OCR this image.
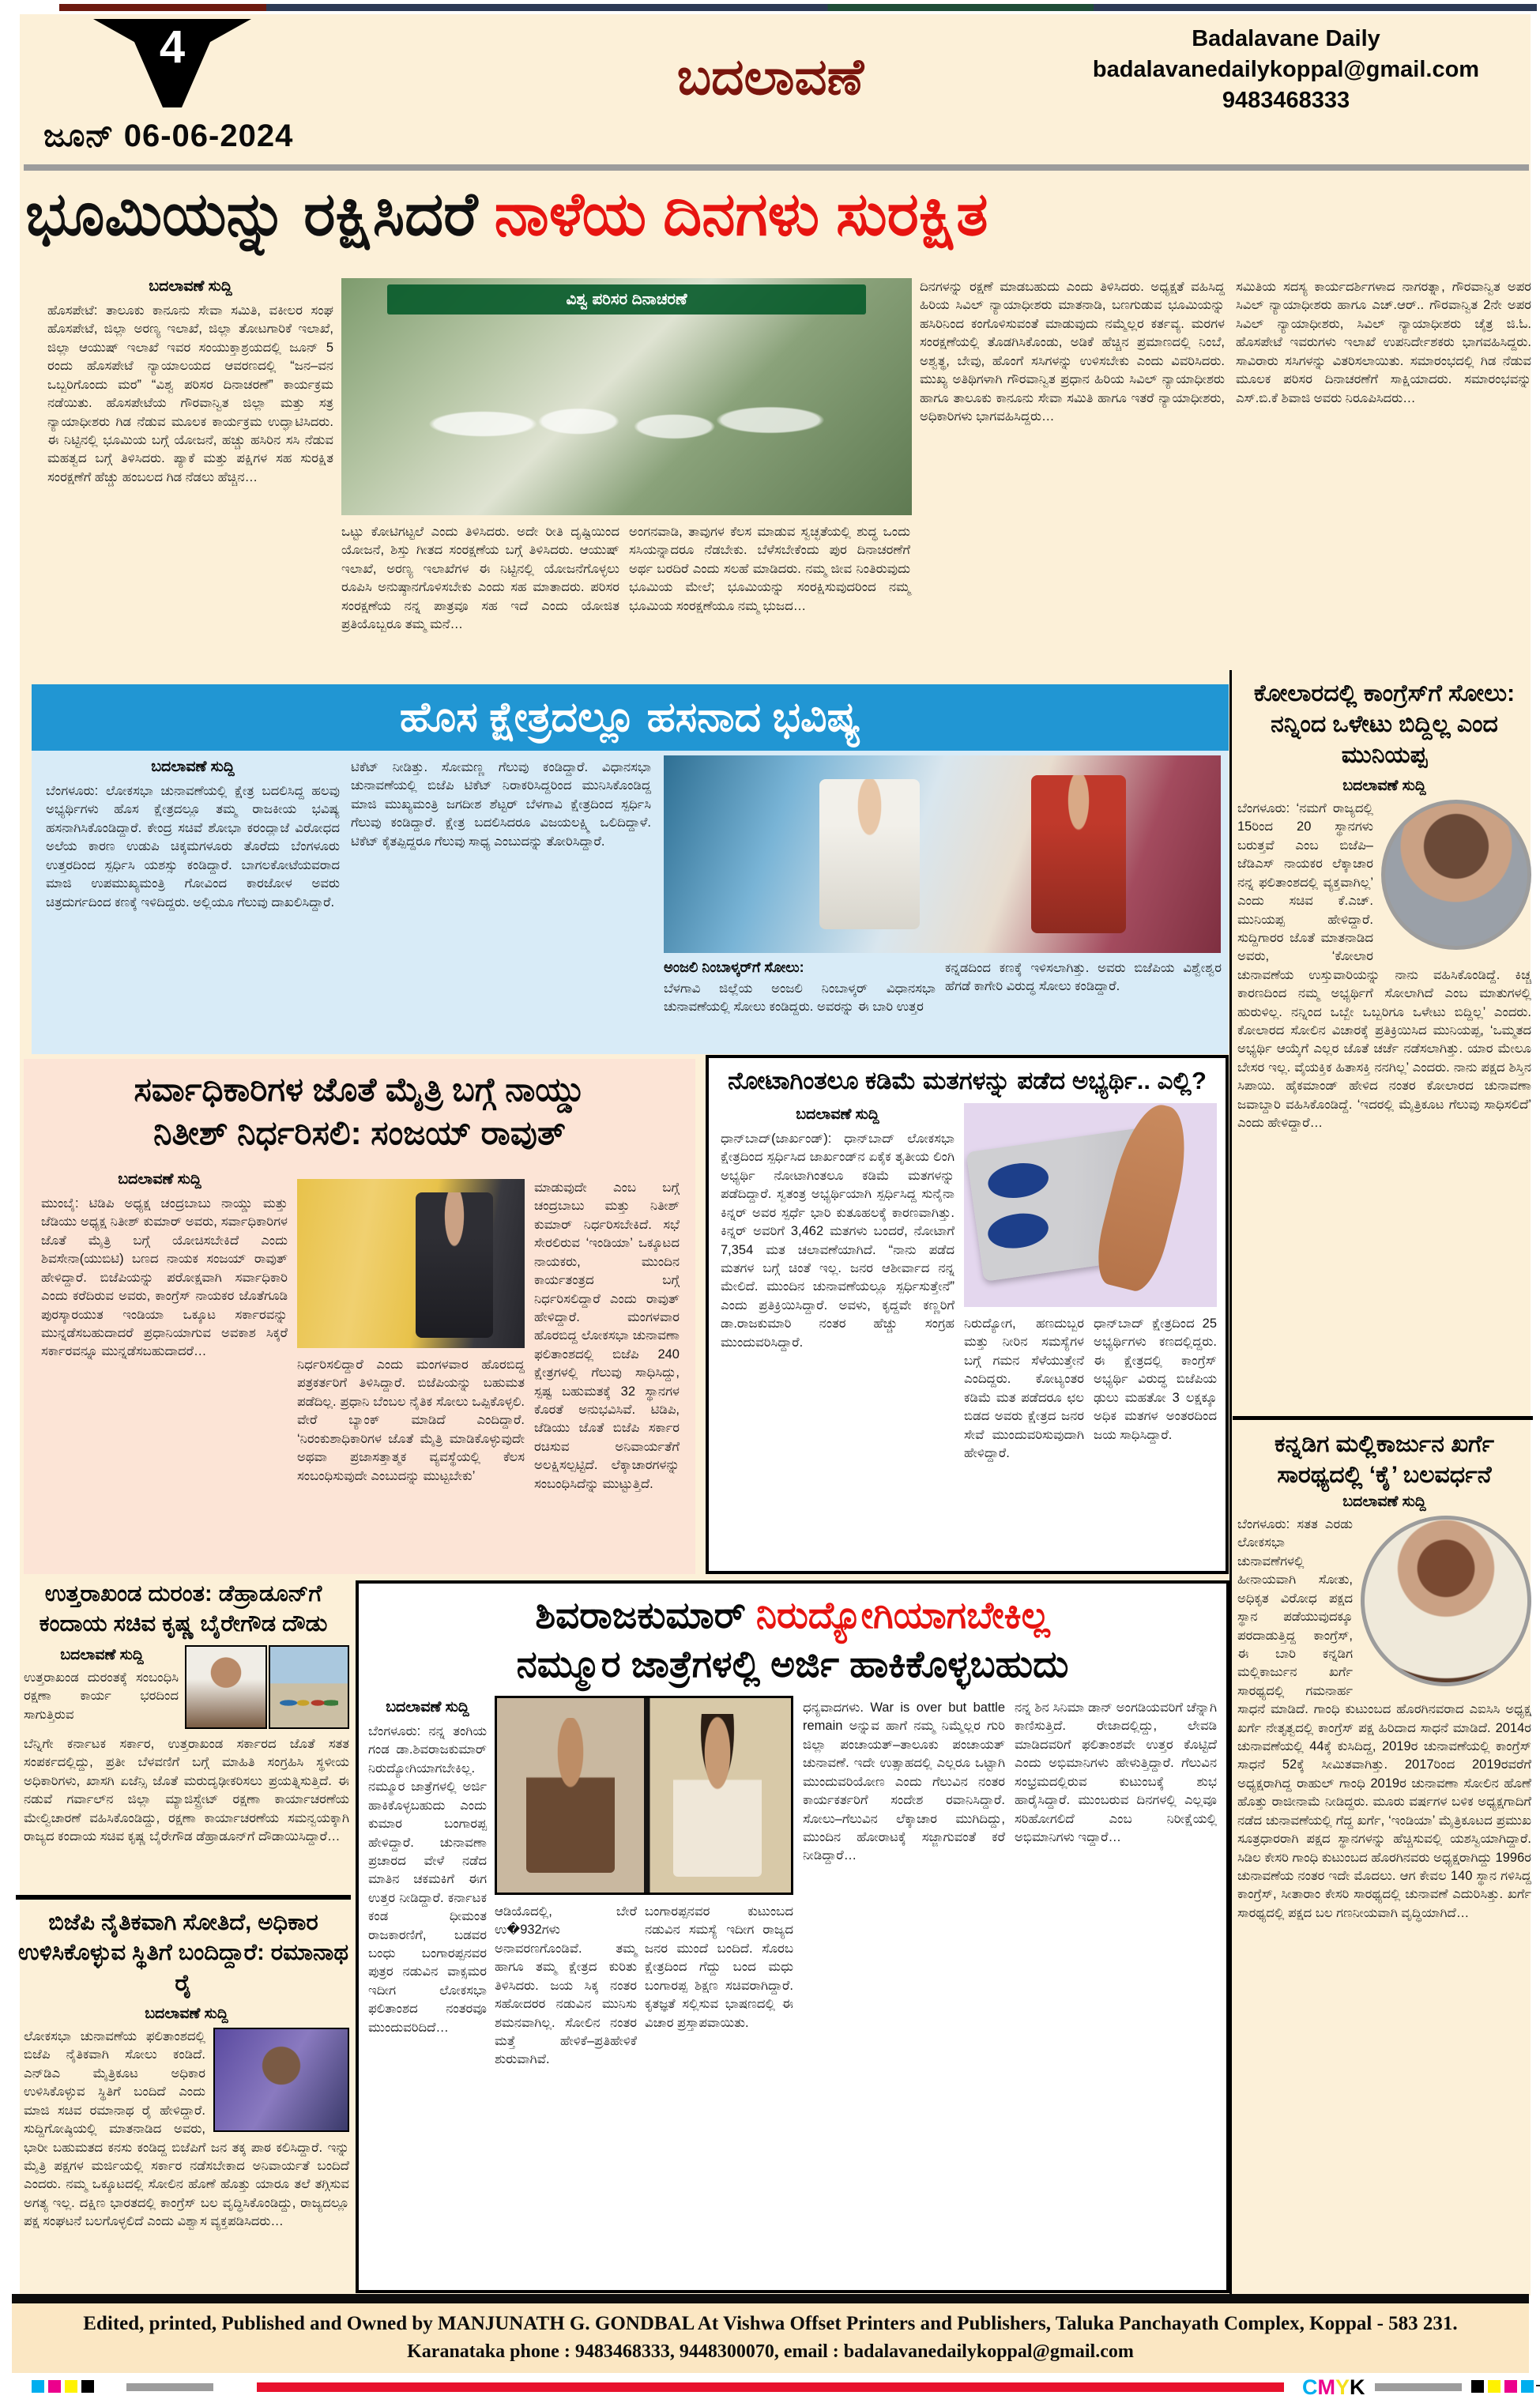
4
ಜೂನ್ 06-06-2024
ಬದಲಾವಣೆ
Badalavane Daily
badalavanedailykoppal@gmail.com
9483468333
ಭೂಮಿಯನ್ನು ರಕ್ಷಿಸಿದರೆ ನಾಳೆಯ ದಿನಗಳು ಸುರಕ್ಷಿತ
ಬದಲಾವಣೆ ಸುದ್ದಿ
ಹೊಸಪೇಟೆ: ತಾಲೂಕು ಕಾನೂನು ಸೇವಾ ಸಮಿತಿ, ವಕೀಲರ ಸಂಘ ಹೊಸಪೇಟೆ, ಜಿಲ್ಲಾ ಅರಣ್ಯ ಇಲಾಖೆ, ಜಿಲ್ಲಾ ತೋಟಗಾರಿಕೆ ಇಲಾಖೆ, ಜಿಲ್ಲಾ ಆಯುಷ್ ಇಲಾಖೆ ಇವರ ಸಂಯುಕ್ತಾಶ್ರಯದಲ್ಲಿ ಜೂನ್ 5 ರಂದು ಹೊಸಪೇಟೆ ನ್ಯಾಯಾಲಯದ ಆವರಣದಲ್ಲಿ “ಜನ–ವನ ಒಬ್ಬರಿಗೊಂದು ಮರ” “ವಿಶ್ವ ಪರಿಸರ ದಿನಾಚರಣೆ” ಕಾರ್ಯಕ್ರಮ ನಡೆಯಿತು. ಹೊಸಪೇಟೆಯ ಗೌರವಾನ್ವಿತ ಜಿಲ್ಲಾ ಮತ್ತು ಸತ್ರ ನ್ಯಾಯಾಧೀಶರು ಗಿಡ ನೆಡುವ ಮೂಲಕ ಕಾರ್ಯಕ್ರಮ ಉದ್ಘಾಟಿಸಿದರು. ಈ ನಿಟ್ಟಿನಲ್ಲಿ ಭೂಮಿಯ ಬಗ್ಗೆ ಯೋಜನೆ, ಹಚ್ಚು ಹಸಿರಿನ ಸಸಿ ನೆಡುವ ಮಹತ್ವದ ಬಗ್ಗೆ ತಿಳಿಸಿದರು. ಪ್ಯಾಕೆ ಮತ್ತು ಪಕ್ಷಿಗಳ ಸಹ ಸುರಕ್ಷಿತ ಸಂರಕ್ಷಣೆಗೆ ಹೆಚ್ಚು ಹಂಬಲದ ಗಿಡ ನೆಡಲು ಹೆಚ್ಚಿನ…
ವಿಶ್ವ ಪರಿಸರ ದಿನಾಚರಣೆ
ಒಟ್ಟು ಕೋಟಿಗಟ್ಟಲೆ ಎಂದು ತಿಳಿಸಿದರು. ಅದೇ ರೀತಿ ದೃಷ್ಟಿಯಿಂದ ಯೋಜನೆ, ಶಿಸ್ತು ಗೀತದ ಸಂರಕ್ಷಣೆಯ ಬಗ್ಗೆ ತಿಳಿಸಿದರು. ಆಯುಷ್ ಇಲಾಖೆ, ಅರಣ್ಯ ಇಲಾಖೆಗಳ ಈ ನಿಟ್ಟಿನಲ್ಲಿ ಯೋಜನೆಗೊಳ್ಳಲು ರೂಪಿಸಿ ಅನುಷ್ಠಾನಗೊಳಿಸಬೇಕು ಎಂದು ಸಹ ಮಾತಾದರು. ಪರಿಸರ ಸಂರಕ್ಷಣೆಯ ನನ್ನ ಪಾತ್ರವೂ ಸಹ ಇದೆ ಎಂದು ಯೋಜಿತ ಪ್ರತಿಯೊಬ್ಬರೂ ತಮ್ಮ ಮನೆ…
ಅಂಗನವಾಡಿ, ತಾವುಗಳ ಕೆಲಸ ಮಾಡುವ ಸ್ವಚ್ಛತೆಯಲ್ಲಿ ಶುದ್ಧ ಒಂದು ಸಸಿಯನ್ನಾದರೂ ನೆಡಬೇಕು. ಬೆಳೆಸಬೇಕೆಂದು ಪುರ ದಿನಾಚರಣೆಗೆ ಅರ್ಥ ಬರದಿರೆ ಎಂದು ಸಲಹೆ ಮಾಡಿದರು. ನಮ್ಮ ಜೀವ ನಿಂತಿರುವುದು ಭೂಮಿಯ ಮೇಲೆ; ಭೂಮಿಯನ್ನು ಸಂರಕ್ಷಿಸುವುದರಿಂದ ನಮ್ಮ ಭೂಮಿಯ ಸಂರಕ್ಷಣೆಯೂ ನಮ್ಮ ಭುಜದ…
ದಿನಗಳನ್ನು ರಕ್ಷಣೆ ಮಾಡಬಹುದು ಎಂದು ತಿಳಿಸಿದರು. ಅಧ್ಯಕ್ಷತೆ ವಹಿಸಿದ್ದ ಹಿರಿಯ ಸಿವಿಲ್ ನ್ಯಾಯಾಧೀಶರು ಮಾತನಾಡಿ, ಬಣಗುಡುವ ಭೂಮಿಯನ್ನು ಹಸಿರಿನಿಂದ ಕಂಗೊಳಿಸುವಂತೆ ಮಾಡುವುದು ನಮ್ಮೆಲ್ಲರ ಕರ್ತವ್ಯ. ಮರಗಳ ಸಂರಕ್ಷಣೆಯಲ್ಲಿ ತೊಡಗಿಸಿಕೊಂಡು, ಅಡಿಕೆ ಹೆಚ್ಚಿನ ಪ್ರಮಾಣದಲ್ಲಿ ನಿಂಬೆ, ಅಶ್ವತ್ಥ, ಬೇವು, ಹೊಂಗೆ ಸಸಿಗಳನ್ನು ಉಳಿಸಬೇಕು ಎಂದು ವಿವರಿಸಿದರು. ಮುಖ್ಯ ಅತಿಥಿಗಳಾಗಿ ಗೌರವಾನ್ವಿತ ಪ್ರಧಾನ ಹಿರಿಯ ಸಿವಿಲ್ ನ್ಯಾಯಾಧೀಶರು ಹಾಗೂ ತಾಲೂಕು ಕಾನೂನು ಸೇವಾ ಸಮಿತಿ ಹಾಗೂ ಇತರೆ ನ್ಯಾಯಾಧೀಶರು, ಅಧಿಕಾರಿಗಳು ಭಾಗವಹಿಸಿದ್ದರು…
ಸಮಿತಿಯ ಸದಸ್ಯ ಕಾರ್ಯದರ್ಶಿಗಳಾದ ನಾಗರತ್ನಾ, ಗೌರವಾನ್ವಿತ ಅಪರ ಸಿವಿಲ್ ನ್ಯಾಯಾಧೀಶರು ಹಾಗೂ ಎಚ್.ಆರ್.. ಗೌರವಾನ್ವಿತ 2ನೇ ಅಪರ ಸಿವಿಲ್ ನ್ಯಾಯಾಧೀಶರು, ಸಿವಿಲ್ ನ್ಯಾಯಾಧೀಶರು ಚೈತ್ರ ಜಿ.ಓ. ಹೊಸಪೇಟೆ ಇವರುಗಳು ಇಲಾಖೆ ಉಪನಿರ್ದೇಶಕರು ಭಾಗವಹಿಸಿದ್ದರು. ಸಾವಿರಾರು ಸಸಿಗಳನ್ನು ವಿತರಿಸಲಾಯಿತು. ಸಮಾರಂಭದಲ್ಲಿ ಗಿಡ ನೆಡುವ ಮೂಲಕ ಪರಿಸರ ದಿನಾಚರಣೆಗೆ ಸಾಕ್ಷಿಯಾದರು. ಸಮಾರಂಭವನ್ನು ಎಸ್.ಬಿ.ಕೆ ಶಿವಾಜಿ ಅವರು ನಿರೂಪಿಸಿದರು…
ಹೊಸ ಕ್ಷೇತ್ರದಲ್ಲೂ ಹಸನಾದ ಭವಿಷ್ಯ
ಬದಲಾವಣೆ ಸುದ್ದಿ
ಬೆಂಗಳೂರು: ಲೋಕಸಭಾ ಚುನಾವಣೆಯಲ್ಲಿ ಕ್ಷೇತ್ರ ಬದಲಿಸಿದ್ದ ಹಲವು ಅಭ್ಯರ್ಥಿಗಳು ಹೊಸ ಕ್ಷೇತ್ರದಲ್ಲೂ ತಮ್ಮ ರಾಜಕೀಯ ಭವಿಷ್ಯ ಹಸನಾಗಿಸಿಕೊಂಡಿದ್ದಾರೆ. ಕೇಂದ್ರ ಸಚಿವೆ ಶೋಭಾ ಕರಂದ್ಲಾಜೆ ವಿರೋಧದ ಅಲೆಯ ಕಾರಣ ಉಡುಪಿ ಚಿಕ್ಕಮಗಳೂರು ತೊರೆದು ಬೆಂಗಳೂರು ಉತ್ತರದಿಂದ ಸ್ಪರ್ಧಿಸಿ ಯಶಸ್ಸು ಕಂಡಿದ್ದಾರೆ. ಬಾಗಲಕೋಟೆಯವರಾದ ಮಾಜಿ ಉಪಮುಖ್ಯಮಂತ್ರಿ ಗೋವಿಂದ ಕಾರಜೋಳ ಅವರು ಚಿತ್ರದುರ್ಗದಿಂದ ಕಣಕ್ಕೆ ಇಳಿದಿದ್ದರು. ಅಲ್ಲಿಯೂ ಗೆಲುವು ದಾಖಲಿಸಿದ್ದಾರೆ.
ಟಿಕೆಟ್ ನೀಡಿತ್ತು. ಸೋಮಣ್ಣ ಗೆಲುವು ಕಂಡಿದ್ದಾರೆ. ವಿಧಾನಸಭಾ ಚುನಾವಣೆಯಲ್ಲಿ ಬಿಜೆಪಿ ಟಿಕೆಟ್ ನಿರಾಕರಿಸಿದ್ದರಿಂದ ಮುನಿಸಿಕೊಂಡಿದ್ದ ಮಾಜಿ ಮುಖ್ಯಮಂತ್ರಿ ಜಗದೀಶ ಶೆಟ್ಟರ್ ಬೆಳಗಾವಿ ಕ್ಷೇತ್ರದಿಂದ ಸ್ಪರ್ಧಿಸಿ ಗೆಲುವು ಕಂಡಿದ್ದಾರೆ. ಕ್ಷೇತ್ರ ಬದಲಿಸಿದರೂ ವಿಜಯಲಕ್ಷ್ಮಿ ಒಲಿದಿದ್ದಾಳೆ. ಟಿಕೆಟ್ ಕೈತಪ್ಪಿದ್ದರೂ ಗೆಲುವು ಸಾಧ್ಯ ಎಂಬುದನ್ನು ತೋರಿಸಿದ್ದಾರೆ.
ಅಂಜಲಿ ನಿಂಬಾಳ್ಕರ್‌ಗೆ ಸೋಲು:
ಬೆಳಗಾವಿ ಜಿಲ್ಲೆಯ ಅಂಜಲಿ ನಿಂಬಾಳ್ಕರ್ ವಿಧಾನಸಭಾ ಚುನಾವಣೆಯಲ್ಲಿ ಸೋಲು ಕಂಡಿದ್ದರು. ಅವರನ್ನು ಈ ಬಾರಿ ಉತ್ತರ
ಕನ್ನಡದಿಂದ ಕಣಕ್ಕೆ ಇಳಿಸಲಾಗಿತ್ತು. ಅವರು ಬಿಜೆಪಿಯ ವಿಶ್ವೇಶ್ವರ ಹೆಗಡೆ ಕಾಗೇರಿ ವಿರುದ್ಧ ಸೋಲು ಕಂಡಿದ್ದಾರೆ.
ಕೋಲಾರದಲ್ಲಿ ಕಾಂಗ್ರೆಸ್‌ಗೆ ಸೋಲು: ನನ್ನಿಂದ ಒಳೇಟು ಬಿದ್ದಿಲ್ಲ ಎಂದ ಮುನಿಯಪ್ಪ
ಬದಲಾವಣೆ ಸುದ್ದಿ
ಬೆಂಗಳೂರು: ‘ನಮಗೆ ರಾಜ್ಯದಲ್ಲಿ 15ರಿಂದ 20 ಸ್ಥಾನಗಳು ಬರುತ್ತವೆ ಎಂಬ ಬಿಜೆಪಿ–ಜೆಡಿಎಸ್ ನಾಯಕರ ಲೆಕ್ಕಾಚಾರ ನನ್ನ ಫಲಿತಾಂಶದಲ್ಲಿ ವ್ಯಕ್ತವಾಗಿಲ್ಲ’ ಎಂದು ಸಚಿವ ಕೆ.ಎಚ್. ಮುನಿಯಪ್ಪ ಹೇಳಿದ್ದಾರೆ. ಸುದ್ದಿಗಾರರ ಜೊತೆ ಮಾತನಾಡಿದ ಅವರು, ‘ಕೋಲಾರ ಚುನಾವಣೆಯ ಉಸ್ತುವಾರಿಯನ್ನು ನಾನು ವಹಿಸಿಕೊಂಡಿದ್ದೆ. ಕಿಚ್ಚ ಕಾರಣದಿಂದ ನಮ್ಮ ಅಭ್ಯರ್ಥಿಗೆ ಸೋಲಾಗಿದೆ ಎಂಬ ಮಾತುಗಳಲ್ಲಿ ಹುರುಳಿಲ್ಲ. ನನ್ನಿಂದ ಒಬ್ಬೇ ಒಬ್ಬರಿಗೂ ಒಳೇಟು ಬಿದ್ದಿಲ್ಲ’ ಎಂದರು. ಕೋಲಾರದ ಸೋಲಿನ ವಿಚಾರಕ್ಕೆ ಪ್ರತಿಕ್ರಿಯಿಸಿದ ಮುನಿಯಪ್ಪ, ‘ಒಮ್ಮತದ ಅಭ್ಯರ್ಥಿ ಆಯ್ಕೆಗೆ ಎಲ್ಲರ ಜೊತೆ ಚರ್ಚೆ ನಡೆಸಲಾಗಿತ್ತು. ಯಾರ ಮೇಲೂ ಬೇಸರ ಇಲ್ಲ. ವೈಯಕ್ತಿಕ ಹಿತಾಸಕ್ತಿ ನನಗಿಲ್ಲ’ ಎಂದರು. ನಾನು ಪಕ್ಷದ ಶಿಸ್ತಿನ ಸಿಪಾಯಿ. ಹೈಕಮಾಂಡ್ ಹೇಳಿದ ನಂತರ ಕೋಲಾರದ ಚುನಾವಣಾ ಜವಾಬ್ದಾರಿ ವಹಿಸಿಕೊಂಡಿದ್ದೆ. ‘ಇದರಲ್ಲಿ ಮೈತ್ರಿಕೂಟ ಗೆಲುವು ಸಾಧಿಸಲಿದೆ’ ಎಂದು ಹೇಳಿದ್ದಾರೆ…
ಸರ್ವಾಧಿಕಾರಿಗಳ ಜೊತೆ ಮೈತ್ರಿ ಬಗ್ಗೆ ನಾಯ್ಡು
ನಿತೀಶ್ ನಿರ್ಧರಿಸಲಿ: ಸಂಜಯ್ ರಾವುತ್
ಬದಲಾವಣೆ ಸುದ್ದಿ
ಮುಂಬೈ: ಟಿಡಿಪಿ ಅಧ್ಯಕ್ಷ ಚಂದ್ರಬಾಬು ನಾಯ್ಡು ಮತ್ತು ಜೆಡಿಯು ಅಧ್ಯಕ್ಷ ನಿತೀಶ್ ಕುಮಾರ್ ಅವರು, ಸರ್ವಾಧಿಕಾರಿಗಳ ಜೊತೆ ಮೈತ್ರಿ ಬಗ್ಗೆ ಯೋಚಿಸಬೇಕಿದೆ ಎಂದು ಶಿವಸೇನಾ(ಯುಬಿಟಿ) ಬಣದ ನಾಯಕ ಸಂಜಯ್ ರಾವುತ್ ಹೇಳಿದ್ದಾರೆ. ಬಿಜೆಪಿಯನ್ನು ಪರೋಕ್ಷವಾಗಿ ಸರ್ವಾಧಿಕಾರಿ ಎಂದು ಕರೆದಿರುವ ಅವರು, ಕಾಂಗ್ರೆಸ್ ನಾಯಕರ ಜೊತೆಗೂಡಿ ಪುರಸ್ಕಾರಯುತ ಇಂಡಿಯಾ ಒಕ್ಕೂಟ ಸರ್ಕಾರವನ್ನು ಮುನ್ನಡೆಸಬಹುದಾದರೆ ಪ್ರಧಾನಿಯಾಗುವ ಅವಕಾಶ ಸಿಕ್ಕರೆ ಸರ್ಕಾರವನ್ನೂ ಮುನ್ನಡೆಸಬಹುದಾದರೆ…
ನಿರ್ಧರಿಸಲಿದ್ದಾರೆ ಎಂದು ಮಂಗಳವಾರ ಹೊರಬಿದ್ದ ಪತ್ರಕರ್ತರಿಗೆ ತಿಳಿಸಿದ್ದಾರೆ. ಬಿಜೆಪಿಯನ್ನು ಬಹುಮತ ಪಡೆದಿಲ್ಲ. ಪ್ರಧಾನಿ ಬೆಂಬಲ ನೈತಿಕ ಸೋಲು ಒಪ್ಪಿಕೊಳ್ಳಲಿ. ವೇರೆ ಬ್ಯಾಂಕ್ ಮಾಡಿದೆ ಎಂದಿದ್ದಾರೆ. ‘ನಿರಂಕುಶಾಧಿಕಾರಿಗಳ ಜೊತೆ ಮೈತ್ರಿ ಮಾಡಿಕೊಳ್ಳುವುದೇ ಅಥವಾ ಪ್ರಜಾಸತ್ತಾತ್ಮಕ ವ್ಯವಸ್ಥೆಯಲ್ಲಿ ಕೆಲಸ ಸಂಬಂಧಿಸುವುದೇ ಎಂಬುದನ್ನು ಮುಟ್ಟಬೇಕು’
ಮಾಡುವುದೇ ಎಂಬ ಬಗ್ಗೆ ಚಂದ್ರಬಾಬು ಮತ್ತು ನಿತೀಶ್ ಕುಮಾರ್ ನಿರ್ಧರಿಸಬೇಕಿದೆ. ಸಭೆ ಸೇರಲಿರುವ ‘ಇಂಡಿಯಾ’ ಒಕ್ಕೂಟದ ನಾಯಕರು, ಮುಂದಿನ ಕಾರ್ಯತಂತ್ರದ ಬಗ್ಗೆ ನಿರ್ಧರಿಸಲಿದ್ದಾರೆ ಎಂದು ರಾವುತ್ ಹೇಳಿದ್ದಾರೆ. ಮಂಗಳವಾರ ಹೊರಬಿದ್ದ ಲೋಕಸಭಾ ಚುನಾವಣಾ ಫಲಿತಾಂಶದಲ್ಲಿ ಬಿಜೆಪಿ 240 ಕ್ಷೇತ್ರಗಳಲ್ಲಿ ಗೆಲುವು ಸಾಧಿಸಿದ್ದು, ಸ್ಪಷ್ಟ ಬಹುಮತಕ್ಕೆ 32 ಸ್ಥಾನಗಳ ಕೊರತೆ ಅನುಭವಿಸಿವೆ. ಟಿಡಿಪಿ, ಜೆಡಿಯು ಜೊತೆ ಬಿಜೆಪಿ ಸರ್ಕಾರ ರಚಿಸುವ ಅನಿವಾರ್ಯತೆಗೆ ಅಲಕ್ಷಿಸಲ್ಪಟ್ಟಿದೆ. ಲೆಕ್ಕಾಚಾರಗಳನ್ನು ಸಂಬಂಧಿಸಿದೆನ್ನು ಮುಟ್ಟುತ್ತಿದೆ.
ನೋಟಾಗಿಂತಲೂ ಕಡಿಮೆ ಮತಗಳನ್ನು ಪಡೆದ ಅಭ್ಯರ್ಥಿ.. ಎಲ್ಲಿ?
ಬದಲಾವಣೆ ಸುದ್ದಿ
ಧಾನ್‌ಬಾದ್(ಜಾರ್ಖಂಡ್): ಧಾನ್‌ಬಾದ್ ಲೋಕಸಭಾ ಕ್ಷೇತ್ರದಿಂದ ಸ್ಪರ್ಧಿಸಿದ ಜಾರ್ಖಂಡ್‌ನ ಏಕೈಕ ತೃತೀಯ ಲಿಂಗಿ ಅಭ್ಯರ್ಥಿ ನೋಟಾಗಿಂತಲೂ ಕಡಿಮೆ ಮತಗಳನ್ನು ಪಡೆದಿದ್ದಾರೆ. ಸ್ವತಂತ್ರ ಅಭ್ಯರ್ಥಿಯಾಗಿ ಸ್ಪರ್ಧಿಸಿದ್ದ ಸುನೈನಾ ಕಿನ್ನರ್ ಅವರ ಸ್ಪರ್ಧೆ ಭಾರಿ ಕುತೂಹಲಕ್ಕೆ ಕಾರಣವಾಗಿತ್ತು. ಕಿನ್ನರ್ ಅವರಿಗೆ 3,462 ಮತಗಳು ಬಂದರೆ, ನೋಟಾಗೆ 7,354 ಮತ ಚಲಾವಣೆಯಾಗಿದೆ. “ನಾನು ಪಡೆದ ಮತಗಳ ಬಗ್ಗೆ ಚಿಂತೆ ಇಲ್ಲ. ಜನರ ಆಶೀರ್ವಾದ ನನ್ನ ಮೇಲಿದೆ. ಮುಂದಿನ ಚುನಾವಣೆಯಲ್ಲೂ ಸ್ಪರ್ಧಿಸುತ್ತೇನೆ” ಎಂದು ಪ್ರತಿಕ್ರಿಯಿಸಿದ್ದಾರೆ. ಅವಳು, ಕೃದ್ದವೇ ಕಣ್ಣರಿಗೆ ಡಾ.ರಾಜಕುಮಾರಿ ನಂತರ ಹೆಚ್ಚು ಸಂಗ್ರಹ ಮುಂದುವರಿಸಿದ್ದಾರೆ.
ನಿರುದ್ಯೋಗ, ಹಣದುಬ್ಬರ ಮತ್ತು ನೀರಿನ ಸಮಸ್ಯೆಗಳ ಬಗ್ಗೆ ಗಮನ ಸೆಳೆಯುತ್ತೇನೆ ಎಂದಿದ್ದರು. ಕೋಟ್ಯಂತರ ಕಡಿಮೆ ಮತ ಪಡೆದರೂ ಛಲ ಬಿಡದ ಅವರು ಕ್ಷೇತ್ರದ ಜನರ ಸೇವೆ ಮುಂದುವರಿಸುವುದಾಗಿ ಹೇಳಿದ್ದಾರೆ.
ಧಾನ್‌ಬಾದ್ ಕ್ಷೇತ್ರದಿಂದ 25 ಅಭ್ಯರ್ಥಿಗಳು ಕಣದಲ್ಲಿದ್ದರು. ಈ ಕ್ಷೇತ್ರದಲ್ಲಿ ಕಾಂಗ್ರೆಸ್ ಅಭ್ಯರ್ಥಿ ವಿರುದ್ಧ ಬಿಜೆಪಿಯ ಢುಲು ಮಹತೋ 3 ಲಕ್ಷಕ್ಕೂ ಅಧಿಕ ಮತಗಳ ಅಂತರದಿಂದ ಜಯ ಸಾಧಿಸಿದ್ದಾರೆ.
ಉತ್ತರಾಖಂಡ ದುರಂತ: ಡೆಹ್ರಾಡೂನ್‌ಗೆ ಕಂದಾಯ ಸಚಿವ ಕೃಷ್ಣ ಬೈರೇಗೌಡ ದೌಡು
ಬದಲಾವಣೆ ಸುದ್ದಿ
ಉತ್ತರಾಖಂಡ ದುರಂತಕ್ಕೆ ಸಂಬಂಧಿಸಿ ರಕ್ಷಣಾ ಕಾರ್ಯ ಭರದಿಂದ ಸಾಗುತ್ತಿರುವ
ಬೆನ್ನಿಗೇ ಕರ್ನಾಟಕ ಸರ್ಕಾರ, ಉತ್ತರಾಖಂಡ ಸರ್ಕಾರದ ಜೊತೆ ಸತತ ಸಂಪರ್ಕದಲ್ಲಿದ್ದು, ಪ್ರತೀ ಬೆಳವಣಿಗೆ ಬಗ್ಗೆ ಮಾಹಿತಿ ಸಂಗ್ರಹಿಸಿ ಸ್ಥಳೀಯ ಅಧಿಕಾರಿಗಳು, ಖಾಸಗಿ ಏಜೆನ್ಸಿ ಜೊತೆ ಮರುದೃಢೀಕರಿಸಲು ಪ್ರಯತ್ನಿಸುತ್ತಿದೆ. ಈ ನಡುವೆ ಗರ್ವಾಲ್‌ನ ಜಿಲ್ಲಾ ಮ್ಯಾಜಿಸ್ಟ್ರೇಟ್ ರಕ್ಷಣಾ ಕಾರ್ಯಾಚರಣೆಯ ಮೇಲ್ವಿಚಾರಣೆ ವಹಿಸಿಕೊಂಡಿದ್ದು, ರಕ್ಷಣಾ ಕಾರ್ಯಾಚರಣೆಯ ಸಮನ್ವಯಕ್ಕಾಗಿ ರಾಜ್ಯದ ಕಂದಾಯ ಸಚಿವ ಕೃಷ್ಣ ಬೈರೇಗೌಡ ಡೆಹ್ರಾಡೂನ್‌ಗೆ ದೌಡಾಯಿಸಿದ್ದಾರೆ…
ಬಿಜೆಪಿ ನೈತಿಕವಾಗಿ ಸೋತಿದೆ, ಅಧಿಕಾರ ಉಳಿಸಿಕೊಳ್ಳುವ ಸ್ಥಿತಿಗೆ ಬಂದಿದ್ದಾರೆ: ರಮಾನಾಥ ರೈ
ಬದಲಾವಣೆ ಸುದ್ದಿ
ಲೋಕಸಭಾ ಚುನಾವಣೆಯ ಫಲಿತಾಂಶದಲ್ಲಿ ಬಿಜೆಪಿ ನೈತಿಕವಾಗಿ ಸೋಲು ಕಂಡಿದೆ. ಎನ್‌ಡಿಎ ಮೈತ್ರಿಕೂಟ ಅಧಿಕಾರ ಉಳಿಸಿಕೊಳ್ಳುವ ಸ್ಥಿತಿಗೆ ಬಂದಿದೆ ಎಂದು ಮಾಜಿ ಸಚಿವ ರಮಾನಾಥ ರೈ ಹೇಳಿದ್ದಾರೆ. ಸುದ್ದಿಗೋಷ್ಠಿಯಲ್ಲಿ ಮಾತನಾಡಿದ ಅವರು, ಭಾರೀ ಬಹುಮತದ ಕನಸು ಕಂಡಿದ್ದ ಬಿಜೆಪಿಗೆ ಜನ ತಕ್ಕ ಪಾಠ ಕಲಿಸಿದ್ದಾರೆ. ಇನ್ನು ಮೈತ್ರಿ ಪಕ್ಷಗಳ ಮರ್ಜಿಯಲ್ಲಿ ಸರ್ಕಾರ ನಡೆಸಬೇಕಾದ ಅನಿವಾರ್ಯತೆ ಬಂದಿದೆ ಎಂದರು. ನಮ್ಮ ಒಕ್ಕೂಟದಲ್ಲಿ ಸೋಲಿನ ಹೊಣೆ ಹೊತ್ತು ಯಾರೂ ತಲೆ ತಗ್ಗಿಸುವ ಅಗತ್ಯ ಇಲ್ಲ. ದಕ್ಷಿಣ ಭಾರತದಲ್ಲಿ ಕಾಂಗ್ರೆಸ್ ಬಲ ವೃದ್ಧಿಸಿಕೊಂಡಿದ್ದು, ರಾಜ್ಯದಲ್ಲೂ ಪಕ್ಷ ಸಂಘಟನೆ ಬಲಗೊಳ್ಳಲಿದೆ ಎಂದು ವಿಶ್ವಾಸ ವ್ಯಕ್ತಪಡಿಸಿದರು…
ಶಿವರಾಜಕುಮಾರ್ ನಿರುದ್ಯೋಗಿಯಾಗಬೇಕಿಲ್ಲ
ನಮ್ಮೂರ ಜಾತ್ರೆಗಳಲ್ಲಿ ಅರ್ಜಿ ಹಾಕಿಕೊಳ್ಳಬಹುದು
ಬದಲಾವಣೆ ಸುದ್ದಿ
ಬೆಂಗಳೂರು: ನನ್ನ ತಂಗಿಯ ಗಂಡ ಡಾ.ಶಿವರಾಜಕುಮಾರ್ ನಿರುದ್ಯೋಗಿಯಾಗಬೇಕಿಲ್ಲ. ನಮ್ಮೂರ ಜಾತ್ರೆಗಳಲ್ಲಿ ಅರ್ಜಿ ಹಾಕಿಕೊಳ್ಳಬಹುದು ಎಂದು ಕುಮಾರ ಬಂಗಾರಪ್ಪ ಹೇಳಿದ್ದಾರೆ. ಚುನಾವಣಾ ಪ್ರಚಾರದ ವೇಳೆ ನಡೆದ ಮಾತಿನ ಚಕಮಕಿಗೆ ಈಗ ಉತ್ತರ ನೀಡಿದ್ದಾರೆ. ಕರ್ನಾಟಕ ಕಂಡ ಧೀಮಂತ ರಾಜಕಾರಣಿಗೆ, ಬಡವರ ಬಂಧು ಬಂಗಾರಪ್ಪನವರ ಪುತ್ರರ ನಡುವಿನ ವಾಕ್ಸಮರ ಇದೀಗ ಲೋಕಸಭಾ ಫಲಿತಾಂಶದ ನಂತರವೂ ಮುಂದುವರಿದಿದೆ…
ಆಡಿಯೊದಲ್ಲಿ, ಬೇರೆ ಉ�932ಗಳು ಅನಾವರಣಗೊಂಡಿವೆ. ತಮ್ಮ ಹಾಗೂ ತಮ್ಮ ಕ್ಷೇತ್ರದ ಕುರಿತು ತಿಳಿಸಿದರು. ಜಯ ಸಿಕ್ಕ ನಂತರ ಸಹೋದರರ ನಡುವಿನ ಮುನಿಸು ಶಮನವಾಗಿಲ್ಲ. ಸೋಲಿನ ನಂತರ ಮತ್ತೆ ಹೇಳಿಕೆ–ಪ್ರತಿಹೇಳಿಕೆ ಶುರುವಾಗಿವೆ.
ಬಂಗಾರಪ್ಪನವರ ಕುಟುಂಬದ ನಡುವಿನ ಸಮಸ್ಯೆ ಇದೀಗ ರಾಜ್ಯದ ಜನರ ಮುಂದೆ ಬಂದಿದೆ. ಸೊರಬ ಕ್ಷೇತ್ರದಿಂದ ಗೆದ್ದು ಬಂದ ಮಧು ಬಂಗಾರಪ್ಪ ಶಿಕ್ಷಣ ಸಚಿವರಾಗಿದ್ದಾರೆ. ಕೃತಜ್ಞತೆ ಸಲ್ಲಿಸುವ ಭಾಷಣದಲ್ಲಿ ಈ ವಿಚಾರ ಪ್ರಸ್ತಾಪವಾಯಿತು.
ಧನ್ಯವಾದಗಳು. War is over but battle remain ಅನ್ನುವ ಹಾಗೆ ನಮ್ಮ ನಿಮ್ಮೆಲ್ಲರ ಗುರಿ ಜಿಲ್ಲಾ ಪಂಚಾಯತ್–ತಾಲೂಕು ಪಂಚಾಯತ್ ಚುನಾವಣೆ. ಇದೇ ಉತ್ಸಾಹದಲ್ಲಿ ಎಲ್ಲರೂ ಒಟ್ಟಾಗಿ ಮುಂದುವರಿಯೋಣ ಎಂದು ಗೆಲುವಿನ ನಂತರ ಕಾರ್ಯಕರ್ತರಿಗೆ ಸಂದೇಶ ರವಾನಿಸಿದ್ದಾರೆ. ಸೋಲು–ಗೆಲುವಿನ ಲೆಕ್ಕಾಚಾರ ಮುಗಿದಿದ್ದು, ಮುಂದಿನ ಹೋರಾಟಕ್ಕೆ ಸಜ್ಜಾಗುವಂತೆ ಕರೆ ನೀಡಿದ್ದಾರೆ…
ನನ್ನ ಶಿನ ಸಿನಿಮಾ ಡಾನ್ ಅಂಗಡಿಯವರಿಗೆ ಚೆನ್ನಾಗಿ ಕಾಣಿಸುತ್ತಿದೆ. ರೇಜಾದಲ್ಲಿದ್ದು, ಲೇವಡಿ ಮಾಡಿದವರಿಗೆ ಫಲಿತಾಂಶವೇ ಉತ್ತರ ಕೊಟ್ಟಿದೆ ಎಂದು ಅಭಿಮಾನಿಗಳು ಹೇಳುತ್ತಿದ್ದಾರೆ. ಗೆಲುವಿನ ಸಂಭ್ರಮದಲ್ಲಿರುವ ಕುಟುಂಬಕ್ಕೆ ಶುಭ ಹಾರೈಸಿದ್ದಾರೆ. ಮುಂಬರುವ ದಿನಗಳಲ್ಲಿ ಎಲ್ಲವೂ ಸರಿಹೋಗಲಿದೆ ಎಂಬ ನಿರೀಕ್ಷೆಯಲ್ಲಿ ಅಭಿಮಾನಿಗಳು ಇದ್ದಾರೆ…
ಕನ್ನಡಿಗ ಮಲ್ಲಿಕಾರ್ಜುನ ಖರ್ಗೆ ಸಾರಥ್ಯದಲ್ಲಿ ‘ಕೈ’ ಬಲವರ್ಧನೆ
ಬದಲಾವಣೆ ಸುದ್ದಿ
ಬೆಂಗಳೂರು: ಸತತ ಎರಡು ಲೋಕಸಭಾ ಚುನಾವಣೆಗಳಲ್ಲಿ ಹೀನಾಯವಾಗಿ ಸೋತು, ಅಧಿಕೃತ ವಿರೋಧ ಪಕ್ಷದ ಸ್ಥಾನ ಪಡೆಯುವುದಕ್ಕೂ ಪರದಾಡುತ್ತಿದ್ದ ಕಾಂಗ್ರೆಸ್, ಈ ಬಾರಿ ಕನ್ನಡಿಗ ಮಲ್ಲಿಕಾರ್ಜುನ ಖರ್ಗೆ ಸಾರಥ್ಯದಲ್ಲಿ ಗಮನಾರ್ಹ ಸಾಧನೆ ಮಾಡಿದೆ. ಗಾಂಧಿ ಕುಟುಂಬದ ಹೊರಗಿನವರಾದ ಎಐಸಿಸಿ ಅಧ್ಯಕ್ಷ ಖರ್ಗೆ ನೇತೃತ್ವದಲ್ಲಿ ಕಾಂಗ್ರೆಸ್ ಪಕ್ಷ ಹಿರಿದಾದ ಸಾಧನೆ ಮಾಡಿದೆ. 2014ರ ಚುನಾವಣೆಯಲ್ಲಿ 44ಕ್ಕೆ ಕುಸಿದಿದ್ದ, 2019ರ ಚುನಾವಣೆಯಲ್ಲಿ ಕಾಂಗ್ರೆಸ್ ಸಾಧನೆ 52ಕ್ಕೆ ಸೀಮಿತವಾಗಿತ್ತು. 2017ರಿಂದ 2019ರವರೆಗೆ ಅಧ್ಯಕ್ಷರಾಗಿದ್ದ ರಾಹುಲ್ ಗಾಂಧಿ 2019ರ ಚುನಾವಣಾ ಸೋಲಿನ ಹೊಣೆ ಹೊತ್ತು ರಾಜೀನಾಮೆ ನೀಡಿದ್ದರು. ಮೂರು ವರ್ಷಗಳ ಬಳಿಕ ಅಧ್ಯಕ್ಷಗಾದಿಗೆ ನಡೆದ ಚುನಾವಣೆಯಲ್ಲಿ ಗೆದ್ದ ಖರ್ಗೆ, ‘ಇಂಡಿಯಾ’ ಮೈತ್ರಿಕೂಟದ ಪ್ರಮುಖ ಸೂತ್ರಧಾರರಾಗಿ ಪಕ್ಷದ ಸ್ಥಾನಗಳನ್ನು ಹೆಚ್ಚಿಸುವಲ್ಲಿ ಯಶಸ್ವಿಯಾಗಿದ್ದಾರೆ. ಸಿಡಿಲ ಕೇಸರಿ ಗಾಂಧಿ ಕುಟುಂಬದ ಹೊರಗಿನವರು ಅಧ್ಯಕ್ಷರಾಗಿದ್ದು 1996ರ ಚುನಾವಣೆಯ ನಂತರ ಇದೇ ಮೊದಲು. ಆಗ ಕೇವಲ 140 ಸ್ಥಾನ ಗಳಿಸಿದ್ದ ಕಾಂಗ್ರೆಸ್, ಸೀತಾರಾಂ ಕೇಸರಿ ಸಾರಥ್ಯದಲ್ಲಿ ಚುನಾವಣೆ ಎದುರಿಸಿತ್ತು. ಖರ್ಗೆ ಸಾರಥ್ಯದಲ್ಲಿ ಪಕ್ಷದ ಬಲ ಗಣನೀಯವಾಗಿ ವೃದ್ಧಿಯಾಗಿದೆ…
Edited, printed, Published and Owned by MANJUNATH G. GONDBAL At Vishwa Offset Printers and Publishers, Taluka Panchayath Complex, Koppal - 583 231.
Karanataka phone : 9483468333, 9448300070, email : badalavanedailykoppal@gmail.com
CMYK
